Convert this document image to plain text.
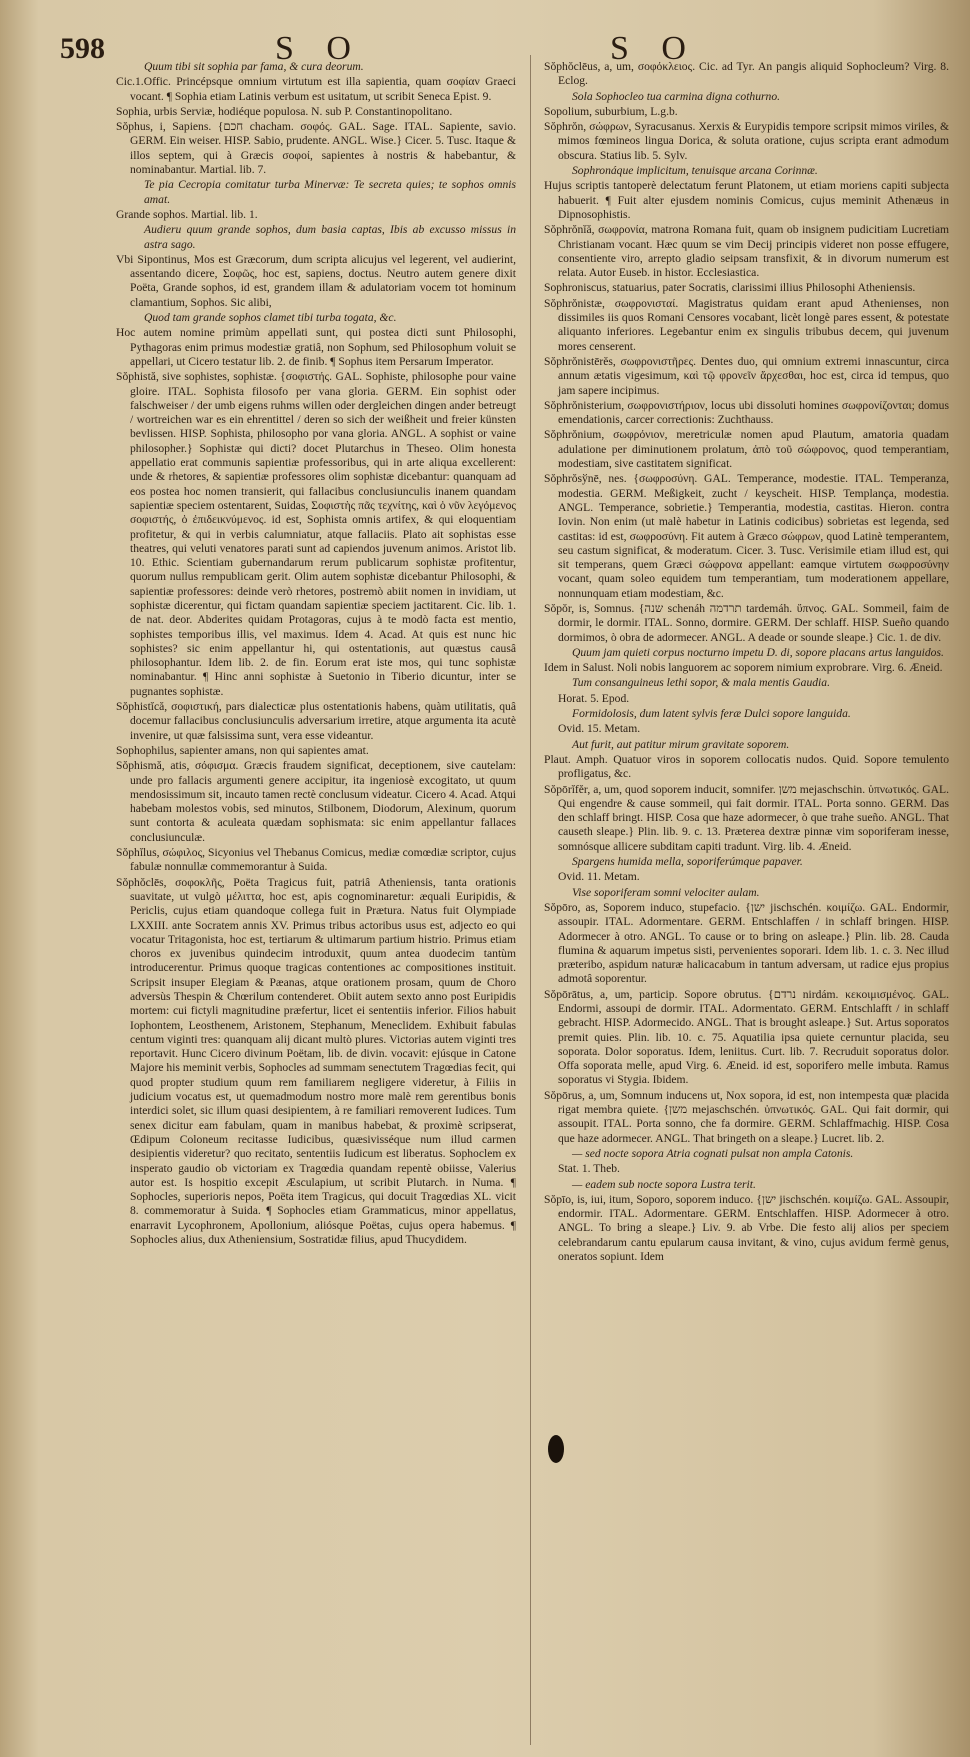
598	S O	S O
Quum tibi sit sophia par fama, & cura deorum.
Cic.1.Offic. Princépsque omnium virtutum est illa sapientia, quam σοφίαν Graeci vocant. ¶ Sophia etiam Latinis verbum est usitatum, ut scribit Seneca Epist. 9.
Sophia, urbis Serviæ, hodiéque populosa. N. sub P. Constantinopolitano.
Sŏphus, i, Sapiens. {חכם chacham. σοφός. GAL. Sage. ITAL. Sapiente, savio. GERM. Ein weiser. HISP. Sabio, prudente. ANGL. Wise.} Cicer. 5. Tusc. Itaque & illos septem, qui à Græcis σοφοί, sapientes à nostris & habebantur, & nominabantur. Martial. lib. 7.
Te pia Cecropia comitatur turba Minervæ: Te secreta quies; te sophos omnis amat.
Grande sophos. Martial. lib. 1.
Audieru quum grande sophos, dum basia captas, Ibis ab excusso missus in astra sago.
Vbi Sipontinus, Mos est Græcorum, dum scripta alicujus vel legerent, vel audierint, assentando dicere, Σοφῶς, hoc est, sapiens, doctus. Neutro autem genere dixit Poëta, Grande sophos, id est, grandem illam & adulatoriam vocem tot hominum clamantium, Sophos. Sic alibi,
Quod tam grande sophos clamet tibi turba togata, &c.
Hoc autem nomine primùm appellati sunt, qui postea dicti sunt Philosophi, Pythagoras enim primus modestiæ gratiâ, non Sophum, sed Philosophum voluit se appellari, ut Cicero testatur lib. 2. de finib. ¶ Sophus item Persarum Imperator.
Sŏphistă, sive sophistes, sophistæ. {σοφιστής. GAL. Sophiste, philosophe pour vaine gloire. ITAL. Sophista filosofo per vana gloria. GERM. Ein sophist oder falschweiser / der umb eigens ruhms willen oder dergleichen dingen ander betreugt / wortreichen war es ein ehrentittel / deren so sich der weißheit und freier künsten bevlissen. HISP. Sophista, philosopho por vana gloria. ANGL. A sophist or vaine philosopher.} Sophistæ qui dicti? docet Plutarchus in Theseo. Olim honesta appellatio erat communis sapientiæ professoribus, qui in arte aliqua excellerent: unde & rhetores, & sapientiæ professores olim sophistæ dicebantur: quanquam ad eos postea hoc nomen transierit, qui fallacibus conclusiunculis inanem quandam sapientiæ speciem ostentarent, Suidas, Σοφιστὴς πᾶς τεχνίτης, καὶ ὁ νῦν λεγόμενος σοφιστής, ὁ ἐπιδεικνύμενος. id est, Sophista omnis artifex, & qui eloquentiam profitetur, & qui in verbis calumniatur, atque fallaciis. Plato ait sophistas esse theatres, qui veluti venatores parati sunt ad capiendos juvenum animos. Aristot lib. 10. Ethic. Scientiam gubernandarum rerum publicarum sophistæ profitentur, quorum nullus rempublicam gerit. Olim autem sophistæ dicebantur Philosophi, & sapientiæ professores: deinde verò rhetores, postremò abiit nomen in invidiam, ut sophistæ dicerentur, qui fictam quandam sapientiæ speciem jactitarent. Cic. lib. 1. de nat. deor. Abderites quidam Protagoras, cujus à te modò facta est mentio, sophistes temporibus illis, vel maximus. Idem 4. Acad. At quis est nunc hic sophistes? sic enim appellantur hi, qui ostentationis, aut quæstus causâ philosophantur. Idem lib. 2. de fin. Eorum erat iste mos, qui tunc sophistæ nominabantur. ¶ Hinc anni sophistæ à Suetonio in Tiberio dicuntur, inter se pugnantes sophistæ.
Sŏphistĭcă, σοφιστική, pars dialecticæ plus ostentationis habens, quàm utilitatis, quâ docemur fallacibus conclusiunculis adversarium irretire, atque argumenta ita acutè invenire, ut quæ falsissima sunt, vera esse videantur.
Sophophilus, sapienter amans, non qui sapientes amat.
Sŏphismă, atis, σόφισμα. Græcis fraudem significat, deceptionem, sive cautelam: unde pro fallacis argumenti genere accipitur, ita ingeniosè excogitato, ut quum mendosissimum sit, incauto tamen rectè conclusum videatur. Cicero 4. Acad. Atqui habebam molestos vobis, sed minutos, Stilbonem, Diodorum, Alexinum, quorum sunt contorta & aculeata quædam sophismata: sic enim appellantur fallaces conclusiunculæ.
Sŏphĭlus, σώφιλος, Sicyonius vel Thebanus Comicus, mediæ comœdiæ scriptor, cujus fabulæ nonnullæ commemorantur à Suida.
Sŏphŏclēs, σοφοκλῆς, Poëta Tragicus fuit, patriâ Atheniensis, tanta orationis suavitate, ut vulgò μέλιττα, hoc est, apis cognominaretur: æquali Euripidis, & Periclis, cujus etiam quandoque collega fuit in Prætura. Natus fuit Olympiade LXXIII. ante Socratem annis XV. Primus tribus actoribus usus est, adjecto eo qui vocatur Tritagonista, hoc est, tertiarum & ultimarum partium histrio. Primus etiam choros ex juvenibus quindecim introduxit, quum antea duodecim tantùm introducerentur. Primus quoque tragicas contentiones ac compositiones instituit. Scripsit insuper Elegiam & Pæanas, atque orationem prosam, quum de Choro adversùs Thespin & Chœrilum contenderet. Obiit autem sexto anno post Euripidis mortem: cui fictyli magnitudine præfertur, licet ei sententiis inferior. Filios habuit Iophontem, Leosthenem, Aristonem, Stephanum, Meneclidem. Exhibuit fabulas centum viginti tres: quanquam alij dicant multò plures. Victorias autem viginti tres reportavit. Hunc Cicero divinum Poëtam, lib. de divin. vocavit: ejúsque in Catone Majore his meminit verbis, Sophocles ad summam senectutem Tragœdias fecit, qui quod propter studium quum rem familiarem negligere videretur, à Filiis in judicium vocatus est, ut quemadmodum nostro more malè rem gerentibus bonis interdici solet, sic illum quasi desipientem, à re familiari removerent Iudices. Tum senex dicitur eam fabulam, quam in manibus habebat, & proximè scripserat, Œdipum Coloneum recitasse Iudicibus, quæsivisséque num illud carmen desipientis videretur? quo recitato, sententiis Iudicum est liberatus. Sophoclem ex insperato gaudio ob victoriam ex Tragœdia quandam repentè obiisse, Valerius autor est. Is hospitio excepit Æsculapium, ut scribit Plutarch. in Numa. ¶ Sophocles, superioris nepos, Poëta item Tragicus, qui docuit Tragœdias XL. vicit 8. commemoratur à Suida. ¶ Sophocles etiam Grammaticus, minor appellatus, enarravit Lycophronem, Apollonium, aliósque Poëtas, cujus opera habemus. ¶ Sophocles alius, dux Atheniensium, Sostratidæ filius, apud Thucydidem.
Sŏphŏclēus, a, um, σοφόκλειος. Cic. ad Tyr. An pangis aliquid Sophocleum? Virg. 8. Eclog.
Sola Sophocleo tua carmina digna cothurno.
Sopolium, suburbium, L.g.b.
Sŏphrŏn, σώφρων, Syracusanus. Xerxis & Eurypidis tempore scripsit mimos viriles, & mimos fœmineos lingua Dorica, & soluta oratione, cujus scripta erant admodum obscura. Statius lib. 5. Sylv.
Sophronáque implicitum, tenuisque arcana Corinnæ.
Hujus scriptis tantoperè delectatum ferunt Platonem, ut etiam moriens capiti subjecta habuerit. ¶ Fuit alter ejusdem nominis Comicus, cujus meminit Athenæus in Dipnosophistis.
Sŏphrŏnĭă, σωφρονία, matrona Romana fuit, quam ob insignem pudicitiam Lucretiam Christianam vocant. Hæc quum se vim Decij principis videret non posse effugere, consentiente viro, arrepto gladio seipsam transfixit, & in divorum numerum est relata. Autor Euseb. in histor. Ecclesiastica.
Sophroniscus, statuarius, pater Socratis, clarissimi illius Philosophi Atheniensis.
Sŏphrŏnistæ, σωφρονισταί. Magistratus quidam erant apud Athenienses, non dissimiles iis quos Romani Censores vocabant, licèt longè pares essent, & potestate aliquanto inferiores. Legebantur enim ex singulis tribubus decem, qui juvenum mores censerent.
Sŏphrŏnistērĕs, σωφρονιστῆρες. Dentes duo, qui omnium extremi innascuntur, circa annum ætatis vigesimum, καὶ τῷ φρονεῖν ἄρχεσθαι, hoc est, circa id tempus, quo jam sapere incipimus.
Sŏphrŏnisterium, σωφρονιστήριον, locus ubi dissoluti homines σωφρονίζονται; domus emendationis, carcer correctionis: Zuchthauss.
Sŏphrŏnium, σωφρόνιον, meretriculæ nomen apud Plautum, amatoria quadam adulatione per diminutionem prolatum, ἀπὸ τοῦ σώφρονος, quod temperantiam, modestiam, sive castitatem significat.
Sŏphrŏsўnē, nes. {σωφροσύνη. GAL. Temperance, modestie. ITAL. Temperanza, modestia. GERM. Meßigkeit, zucht / keyscheit. HISP. Templança, modestia. ANGL. Temperance, sobrietie.} Temperantia, modestia, castitas. Hieron. contra Iovin. Non enim (ut malè habetur in Latinis codicibus) sobrietas est legenda, sed castitas: id est, σωφροσύνη. Fit autem à Græco σώφρων, quod Latinè temperantem, seu castum significat, & moderatum. Cicer. 3. Tusc. Verisimile etiam illud est, qui sit temperans, quem Græci σώφρονα appellant: eamque virtutem σωφροσύνην vocant, quam soleo equidem tum temperantiam, tum moderationem appellare, nonnunquam etiam modestiam, &c.
Sŏpŏr, is, Somnus. {שנה schenáh תרדמה tardemáh. ὕπνος. GAL. Sommeil, faim de dormir, le dormir. ITAL. Sonno, dormire. GERM. Der schlaff. HISP. Sueño quando dormimos, ò obra de adormecer. ANGL. A deade or sounde sleape.} Cic. 1. de div.
Quum jam quieti corpus nocturno impetu D. di, sopore placans artus languidos.
Idem in Salust. Noli nobis languorem ac soporem nimium exprobrare. Virg. 6. Æneid.
Tum consanguineus lethi sopor, & mala mentis Gaudia.
Horat. 5. Epod.
Formidolosis, dum latent sylvis feræ Dulci sopore languida.
Ovid. 15. Metam.
Aut furit, aut patitur mirum gravitate soporem.
Plaut. Amph. Quatuor viros in soporem collocatis nudos. Quid. Sopore temulento profligatus, &c.
Sŏpōrĭfĕr, a, um, quod soporem inducit, somnifer. משן mejaschschin. ὑπνωτικός. GAL. Qui engendre & cause sommeil, qui fait dormir. ITAL. Porta sonno. GERM. Das den schlaff bringt. HISP. Cosa que haze adormecer, ò que trahe sueño. ANGL. That causeth sleape.} Plin. lib. 9. c. 13. Præterea dextræ pinnæ vim soporiferam inesse, somnósque allicere subditam capiti tradunt. Virg. lib. 4. Æneid.
Spargens humida mella, soporiferúmque papaver.
Ovid. 11. Metam.
Vise soporiferam somni velociter aulam.
Sŏpōro, as, Soporem induco, stupefacio. {ישן jischschén. κοιμίζω. GAL. Endormir, assoupir. ITAL. Adormentare. GERM. Entschlaffen / in schlaff bringen. HISP. Adormecer à otro. ANGL. To cause or to bring on asleape.} Plin. lib. 28. Cauda flumina & aquarum impetus sisti, pervenientes soporari. Idem lib. 1. c. 3. Nec illud præteribo, aspidum naturæ halicacabum in tantum adversam, ut radice ejus propius admotâ soporentur.
Sŏpōrātus, a, um, particip. Sopore obrutus. {נרדם nirdám. κεκοιμισμένος. GAL. Endormi, assoupi de dormir. ITAL. Adormentato. GERM. Entschlafft / in schlaff gebracht. HISP. Adormecido. ANGL. That is brought asleape.} Sut. Artus soporatos premit quies. Plin. lib. 10. c. 75. Aquatilia ipsa quiete cernuntur placida, seu soporata. Dolor soporatus. Idem, leniitus. Curt. lib. 7. Recruduit soporatus dolor. Offa soporata melle, apud Virg. 6. Æneid. id est, soporifero melle imbuta. Ramus soporatus vi Stygia. Ibidem.
Sŏpōrus, a, um, Somnum inducens ut, Nox sopora, id est, non intempesta quæ placida rigat membra quiete. {משן mejaschschén. ὑπνωτικός. GAL. Qui fait dormir, qui assoupit. ITAL. Porta sonno, che fa dormire. GERM. Schlaffmachig. HISP. Cosa que haze adormecer. ANGL. That bringeth on a sleape.} Lucret. lib. 2.
— sed nocte sopora Atria cognati pulsat non ampla Catonis.
Stat. 1. Theb.
— eadem sub nocte sopora Lustra terit.
Sŏpīo, is, iui, itum, Soporo, soporem induco. {ישן jischschén. κοιμίζω. GAL. Assoupir, endormir. ITAL. Adormentare. GERM. Entschlaffen. HISP. Adormecer à otro. ANGL. To bring a sleape.} Liv. 9. ab Vrbe. Die festo alij alios per speciem celebrandarum cantu epularum causa invitant, & vino, cujus avidum fermè genus, oneratos sopiunt. Idem
